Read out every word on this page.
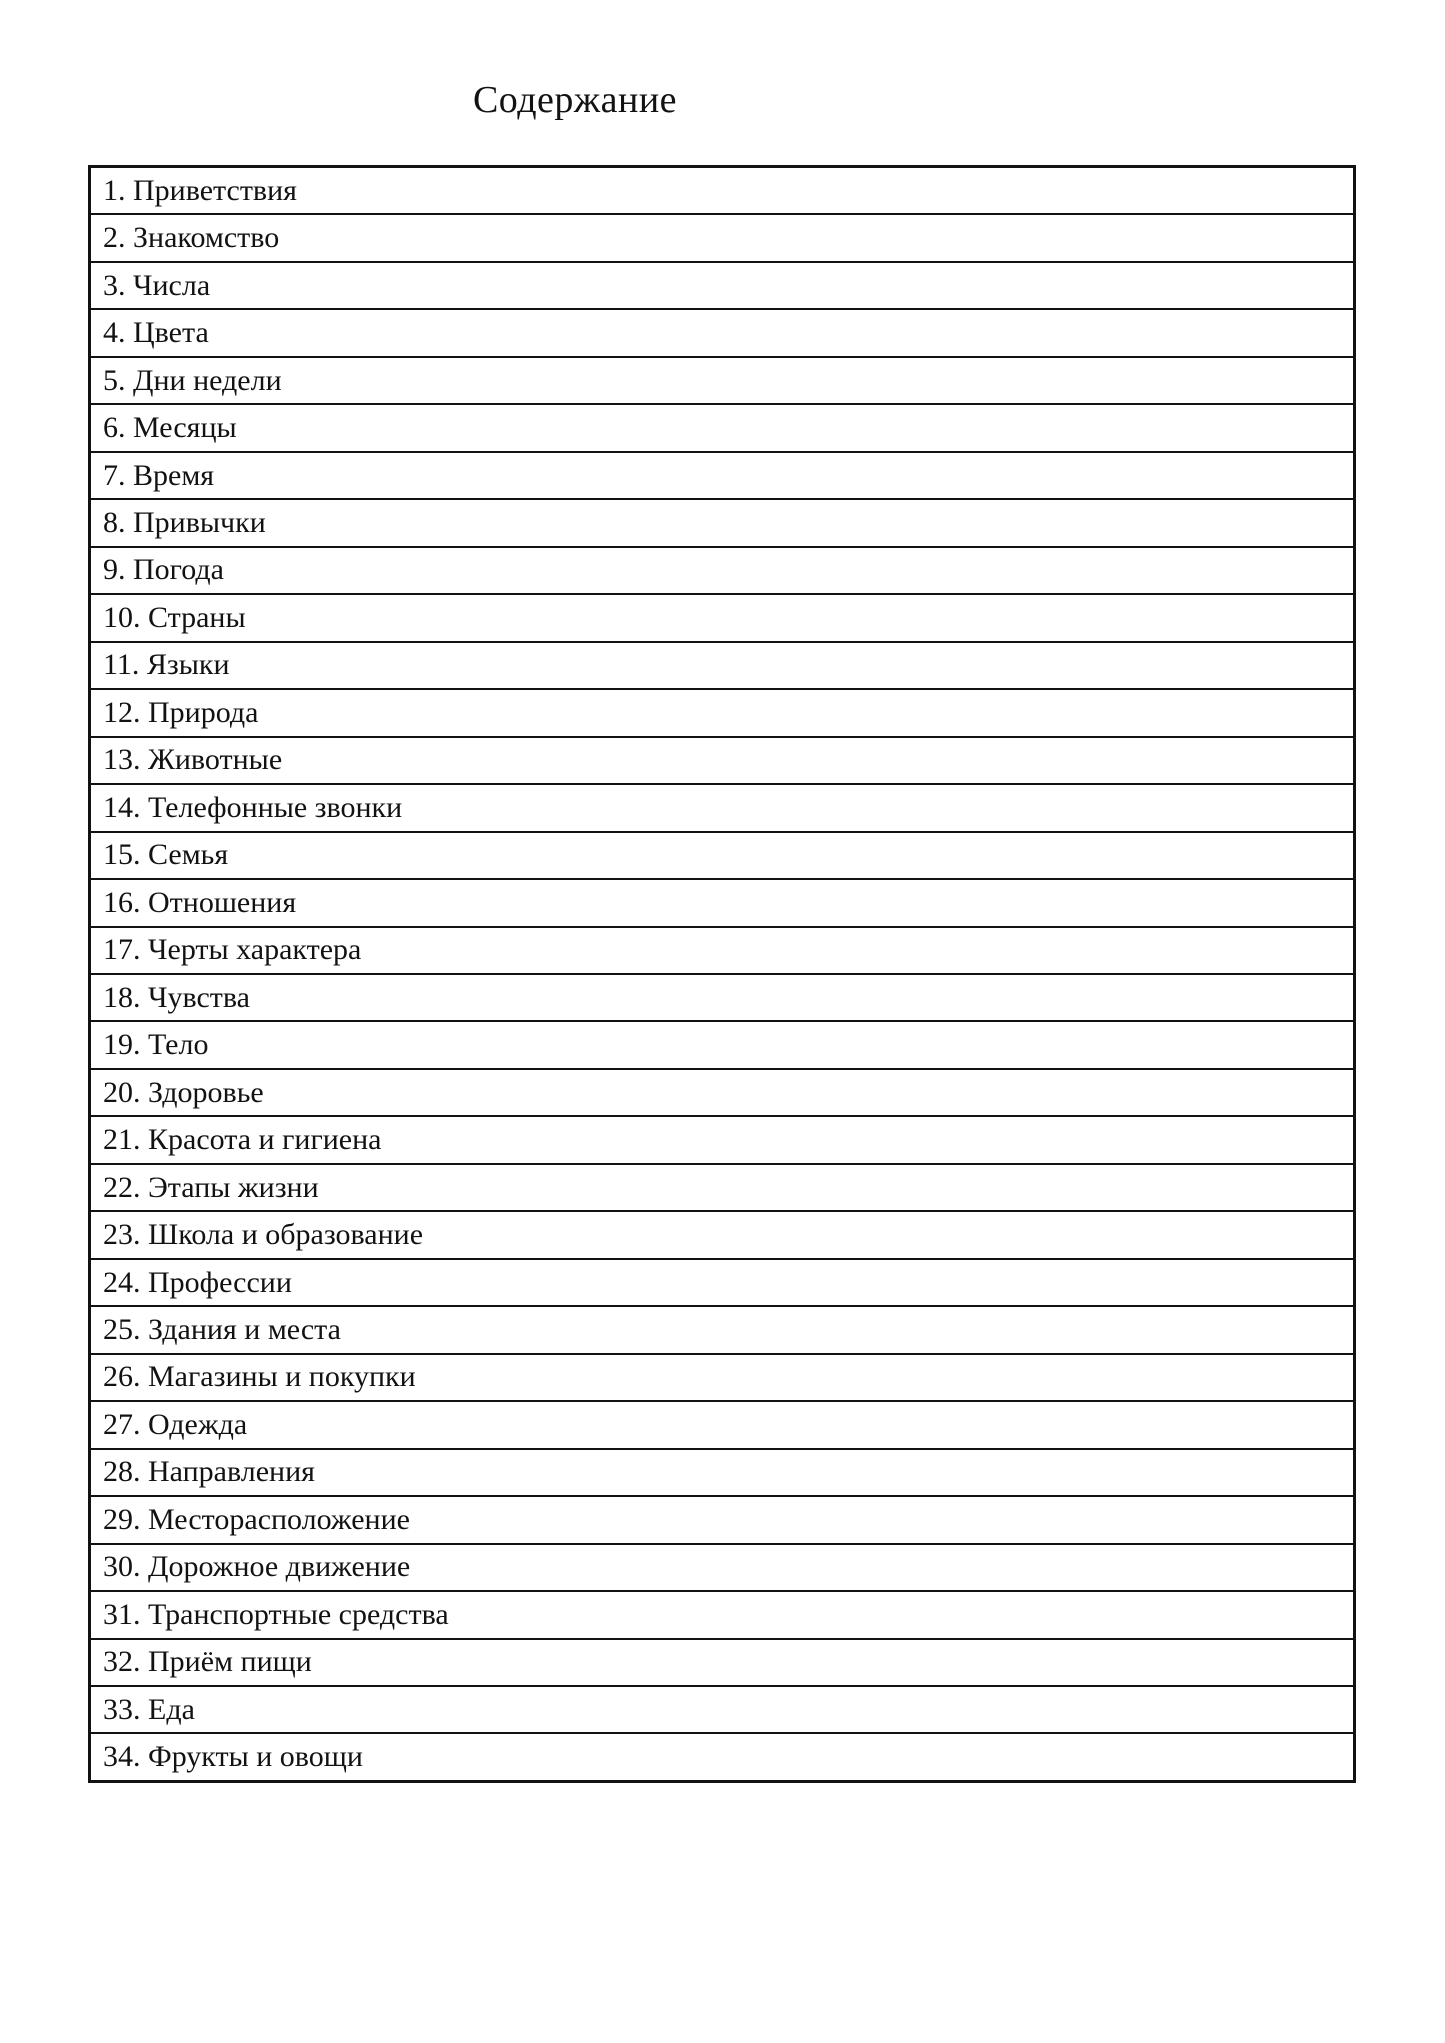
Содержание
1. Приветствия
2. Знакомство
3. Числа
4. Цвета
5. Дни недели
6. Месяцы
7. Время
8. Привычки
9. Погода
10. Страны
11. Языки
12. Природа
13. Животные
14. Телефонные звонки
15. Семья
16. Отношения
17. Черты характера
18. Чувства
19. Тело
20. Здоровье
21. Красота и гигиена
22. Этапы жизни
23. Школа и образование
24. Профессии
25. Здания и места
26. Магазины и покупки
27. Одежда
28. Направления
29. Месторасположение
30. Дорожное движение
31. Транспортные средства
32. Приём пищи
33. Еда
34. Фрукты и овощи
